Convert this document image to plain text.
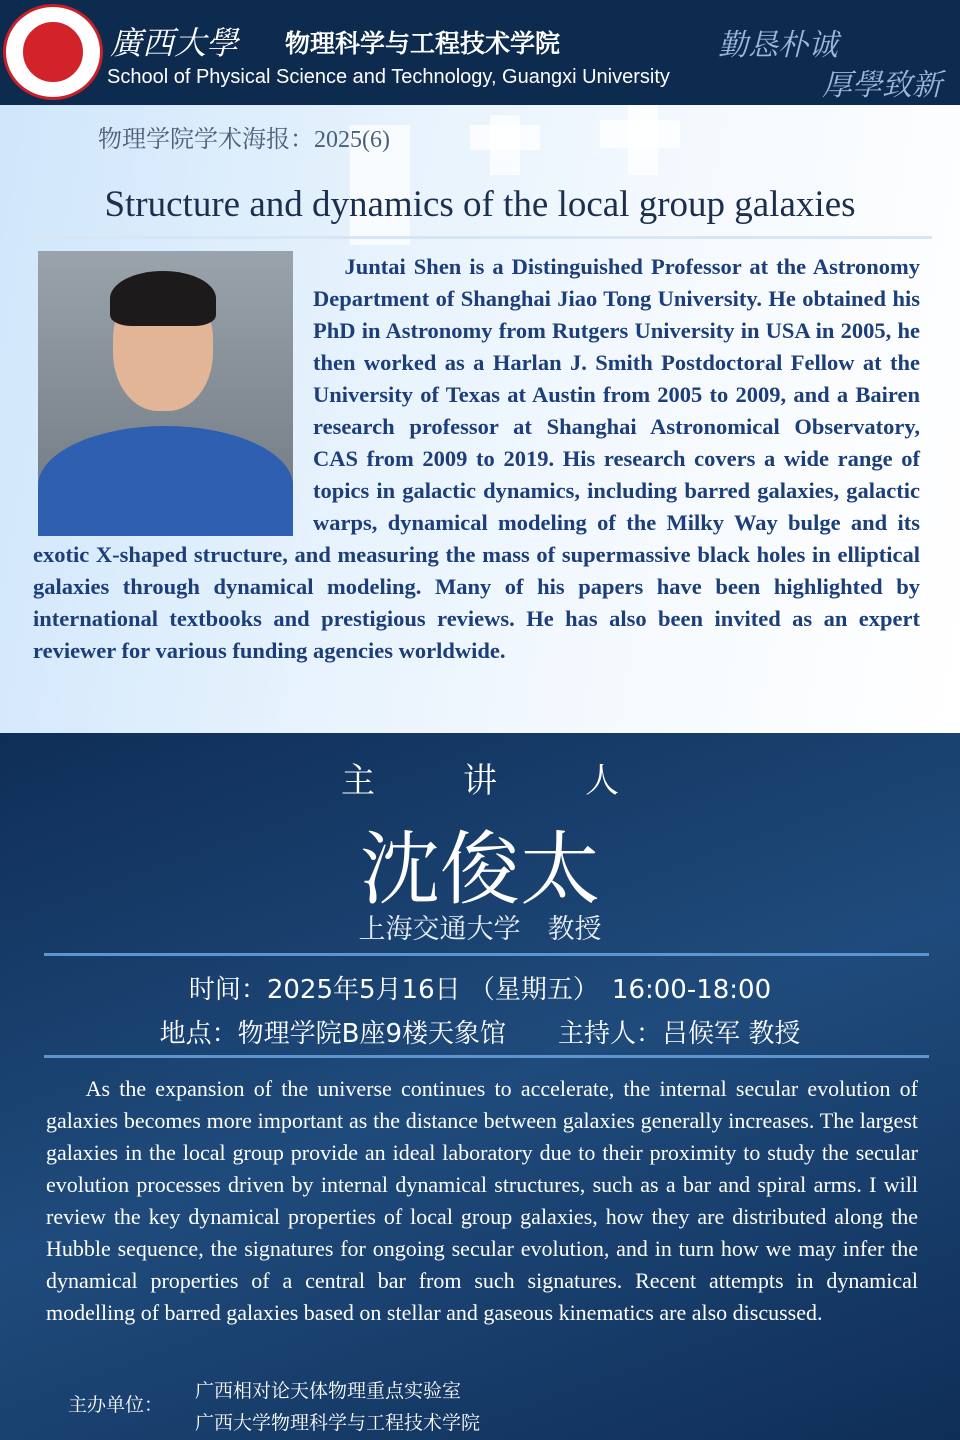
廣西大學 物理科学与工程技术学院
School of Physical Science and Technology, Guangxi University
勤恳朴诚
厚學致新
物理学院学术海报：2025(6)
Structure and dynamics of the local group galaxies

Juntai Shen is a Distinguished Professor at the Astronomy Department of Shanghai Jiao Tong University. He obtained his PhD in Astronomy from Rutgers University in USA in 2005, he then worked as a Harlan J. Smith Postdoctoral Fellow at the University of Texas at Austin from 2005 to 2009, and a Bairen research professor at Shanghai Astronomical Observatory, CAS from 2009 to 2019. His research covers a wide range of topics in galactic dynamics, including barred galaxies, galactic warps, dynamical modeling of the Milky Way bulge and its exotic X-shaped structure, and measuring the mass of supermassive black holes in elliptical galaxies through dynamical modeling. Many of his papers have been highlighted by international textbooks and prestigious reviews. He has also been invited as an expert reviewer for various funding agencies worldwide.

主讲人
沈俊太
上海交通大学　教授
时间：2025年5月16日 （星期五）　16:00-18:00
地点：物理学院B座9楼天象馆　　主持人：吕候军 教授
As the expansion of the universe continues to accelerate, the internal secular evolution of galaxies becomes more important as the distance between galaxies generally increases. The largest galaxies in the local group provide an ideal laboratory due to their proximity to study the secular evolution processes driven by internal dynamical structures, such as a bar and spiral arms. I will review the key dynamical properties of local group galaxies, how they are distributed along the Hubble sequence, the signatures for ongoing secular evolution, and in turn how we may infer the dynamical properties of a central bar from such signatures. Recent attempts in dynamical modelling of barred galaxies based on stellar and gaseous kinematics are also discussed.
主办单位：
广西相对论天体物理重点实验室
广西大学物理科学与工程技术学院
